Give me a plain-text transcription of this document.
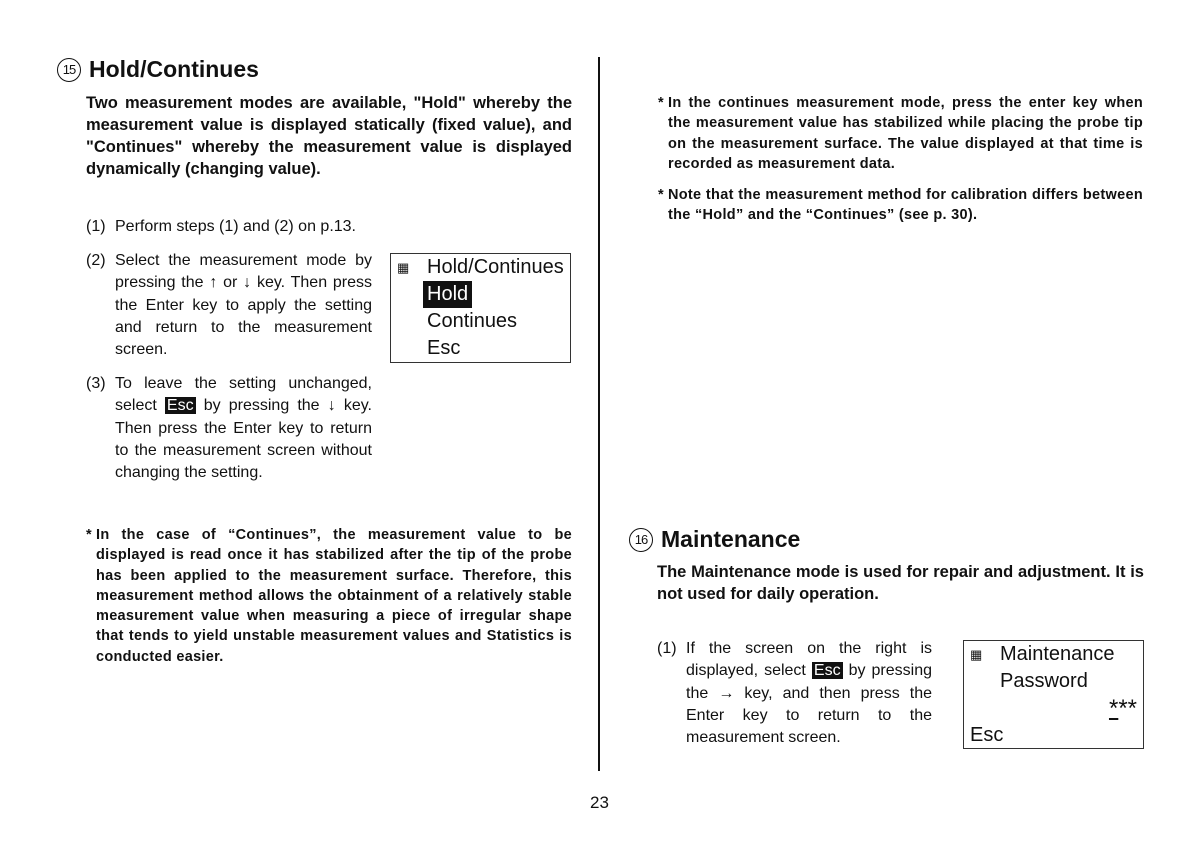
15 Hold/Continues
Two measurement modes are available, "Hold" whereby the measurement value is displayed statically (fixed value), and "Continues" whereby the measurement value is displayed dynamically (changing value).
(1) Perform steps (1) and (2) on p.13.
(2) Select the measurement mode by pressing the ↑ or ↓ key. Then press the Enter key to apply the setting and return to the measurement screen.
▦ Hold/Continues
Hold
Continues
Esc
(3) To leave the setting unchanged, select Esc by pressing the ↓ key. Then press the Enter key to return to the measurement screen without changing the setting.
* In the case of “Continues”, the measurement value to be displayed is read once it has stabilized after the tip of the probe has been applied to the measurement surface. Therefore, this measurement method allows the obtainment of a relatively stable measurement value when measuring a piece of irregular shape that tends to yield unstable measurement values and Statistics is conducted easier.
* In the continues measurement mode, press the enter key when the measurement value has stabilized while placing the probe tip on the measurement surface. The value displayed at that time is recorded as measurement data.
* Note that the measurement method for calibration differs between the “Hold” and the “Continues” (see p. 30).
16 Maintenance
The Maintenance mode is used for repair and adjustment. It is not used for daily operation.
(1) If the screen on the right is displayed, select Esc by pressing the → key, and then press the Enter key to return to the measurement screen.
▦ Maintenance
Password
* **
Esc
23
